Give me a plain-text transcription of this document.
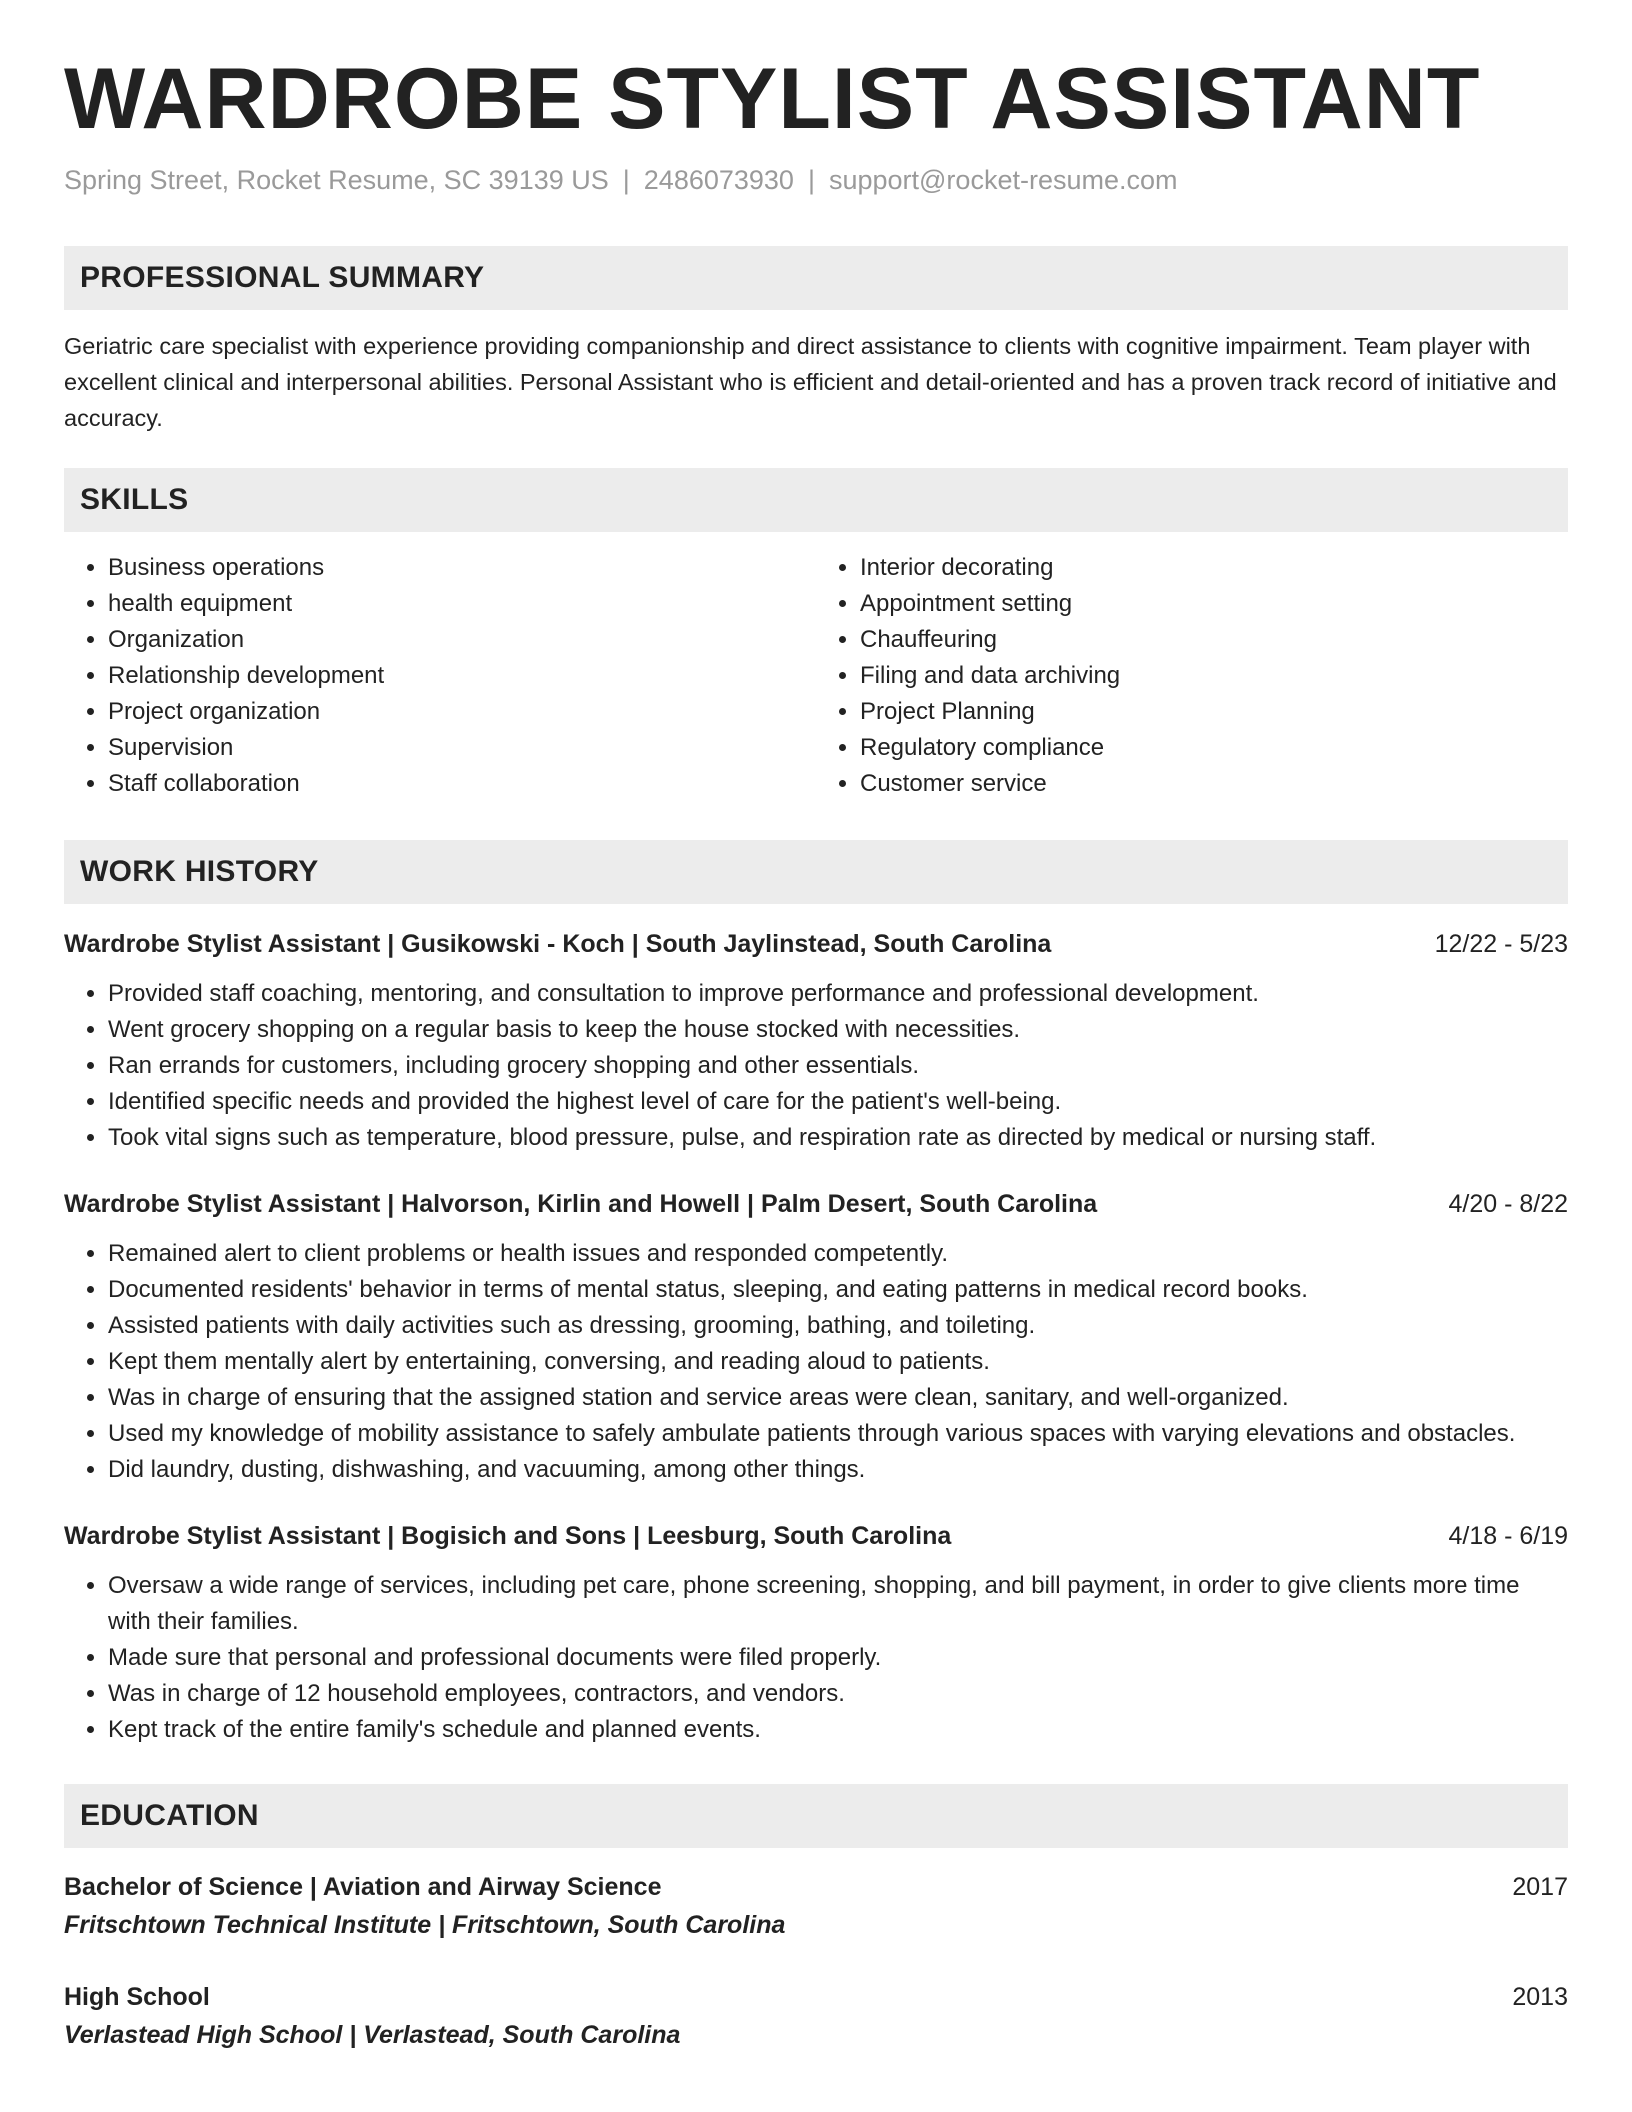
WARDROBE STYLIST ASSISTANT
Spring Street, Rocket Resume, SC 39139 US | 2486073930 | support@rocket-resume.com
PROFESSIONAL SUMMARY
Geriatric care specialist with experience providing companionship and direct assistance to clients with cognitive impairment. Team player with excellent clinical and interpersonal abilities. Personal Assistant who is efficient and detail-oriented and has a proven track record of initiative and accuracy.
SKILLS
• Business operations
• health equipment
• Organization
• Relationship development
• Project organization
• Supervision
• Staff collaboration
• Interior decorating
• Appointment setting
• Chauffeuring
• Filing and data archiving
• Project Planning
• Regulatory compliance
• Customer service
WORK HISTORY
Wardrobe Stylist Assistant | Gusikowski - Koch | South Jaylinstead, South Carolina	12/22 - 5/23
• Provided staff coaching, mentoring, and consultation to improve performance and professional development.
• Went grocery shopping on a regular basis to keep the house stocked with necessities.
• Ran errands for customers, including grocery shopping and other essentials.
• Identified specific needs and provided the highest level of care for the patient's well-being.
• Took vital signs such as temperature, blood pressure, pulse, and respiration rate as directed by medical or nursing staff.
Wardrobe Stylist Assistant | Halvorson, Kirlin and Howell | Palm Desert, South Carolina	4/20 - 8/22
• Remained alert to client problems or health issues and responded competently.
• Documented residents' behavior in terms of mental status, sleeping, and eating patterns in medical record books.
• Assisted patients with daily activities such as dressing, grooming, bathing, and toileting.
• Kept them mentally alert by entertaining, conversing, and reading aloud to patients.
• Was in charge of ensuring that the assigned station and service areas were clean, sanitary, and well-organized.
• Used my knowledge of mobility assistance to safely ambulate patients through various spaces with varying elevations and obstacles.
• Did laundry, dusting, dishwashing, and vacuuming, among other things.
Wardrobe Stylist Assistant | Bogisich and Sons | Leesburg, South Carolina	4/18 - 6/19
• Oversaw a wide range of services, including pet care, phone screening, shopping, and bill payment, in order to give clients more time with their families.
• Made sure that personal and professional documents were filed properly.
• Was in charge of 12 household employees, contractors, and vendors.
• Kept track of the entire family's schedule and planned events.
EDUCATION
Bachelor of Science | Aviation and Airway Science	2017
Fritschtown Technical Institute | Fritschtown, South Carolina
High School	2013
Verlastead High School | Verlastead, South Carolina
